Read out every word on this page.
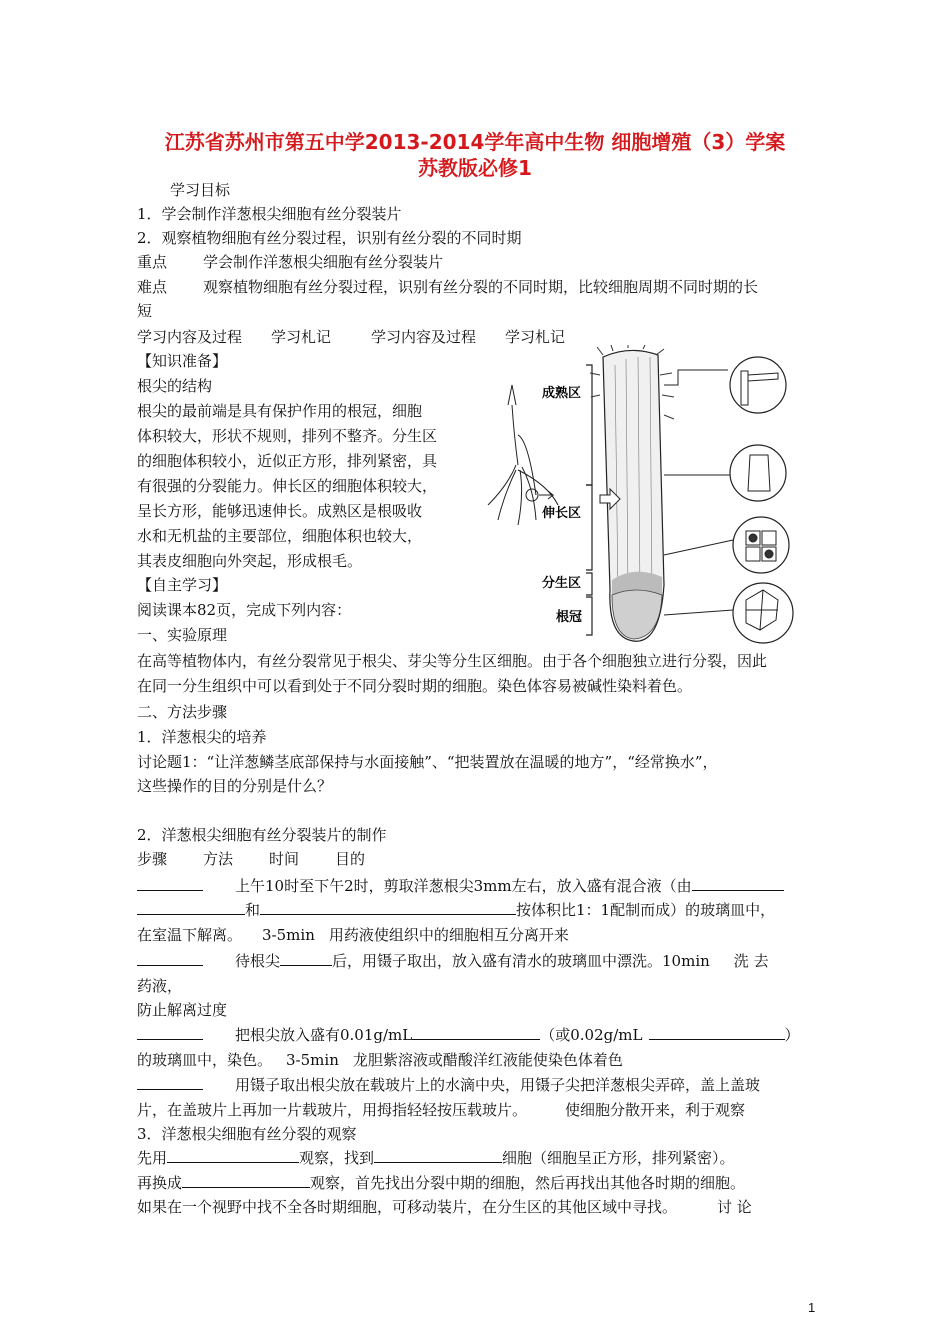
江苏省苏州市第五中学2013-2014学年高中生物 细胞增殖（3）学案
苏教版必修1
学习目标
1．学会制作洋葱根尖细胞有丝分裂装片
2．观察植物细胞有丝分裂过程，识别有丝分裂的不同时期
重点 学会制作洋葱根尖细胞有丝分裂装片
难点 观察植物细胞有丝分裂过程，识别有丝分裂的不同时期，比较细胞周期不同时期的长
短
学习内容及过程 学习札记	学习内容及过程 学习札记
【知识准备】
根尖的结构
根尖的最前端是具有保护作用的根冠，细胞
体积较大，形状不规则，排列不整齐。分生区
的细胞体积较小，近似正方形，排列紧密，具
有很强的分裂能力。伸长区的细胞体积较大，
呈长方形，能够迅速伸长。成熟区是根吸收
水和无机盐的主要部位，细胞体积也较大，
其表皮细胞向外突起，形成根毛。
成熟区
伸长区
分生区
根冠
【自主学习】
阅读课本82页，完成下列内容：
一、实验原理
在高等植物体内，有丝分裂常见于根尖、芽尖等分生区细胞。由于各个细胞独立进行分裂，因此
在同一分生组织中可以看到处于不同分裂时期的细胞。染色体容易被碱性染料着色。
二、方法步骤
1．洋葱根尖的培养
讨论题1：“让洋葱鳞茎底部保持与水面接触”、“把装置放在温暖的地方”，“经常换水”，
这些操作的目的分别是什么？
2．洋葱根尖细胞有丝分裂装片的制作
步骤 方法 时间 目的
上午10时至下午2时，剪取洋葱根尖3mm左右，放入盛有混合液（由
和	按体积比1：1配制而成）的玻璃皿中，
在室温下解离。 3-5min 用药液使组织中的细胞相互分离开来
待根尖	后，用镊子取出，放入盛有清水的玻璃皿中漂洗。10min 洗 去
药液，
防止解离过度
把根尖放入盛有0.01g/mL	（或0.02g/mL	）
的玻璃皿中，染色。 3-5min 龙胆紫溶液或醋酸洋红液能使染色体着色
用镊子取出根尖放在载玻片上的水滴中央，用镊子尖把洋葱根尖弄碎，盖上盖玻
片，在盖玻片上再加一片载玻片，用拇指轻轻按压载玻片。	使细胞分散开来，利于观察
3．洋葱根尖细胞有丝分裂的观察
先用	观察，找到	细胞（细胞呈正方形，排列紧密）。
再换成	观察，首先找出分裂中期的细胞，然后再找出其他各时期的细胞。
如果在一个视野中找不全各时期细胞，可移动装片，在分生区的其他区域中寻找。	讨 论
1
